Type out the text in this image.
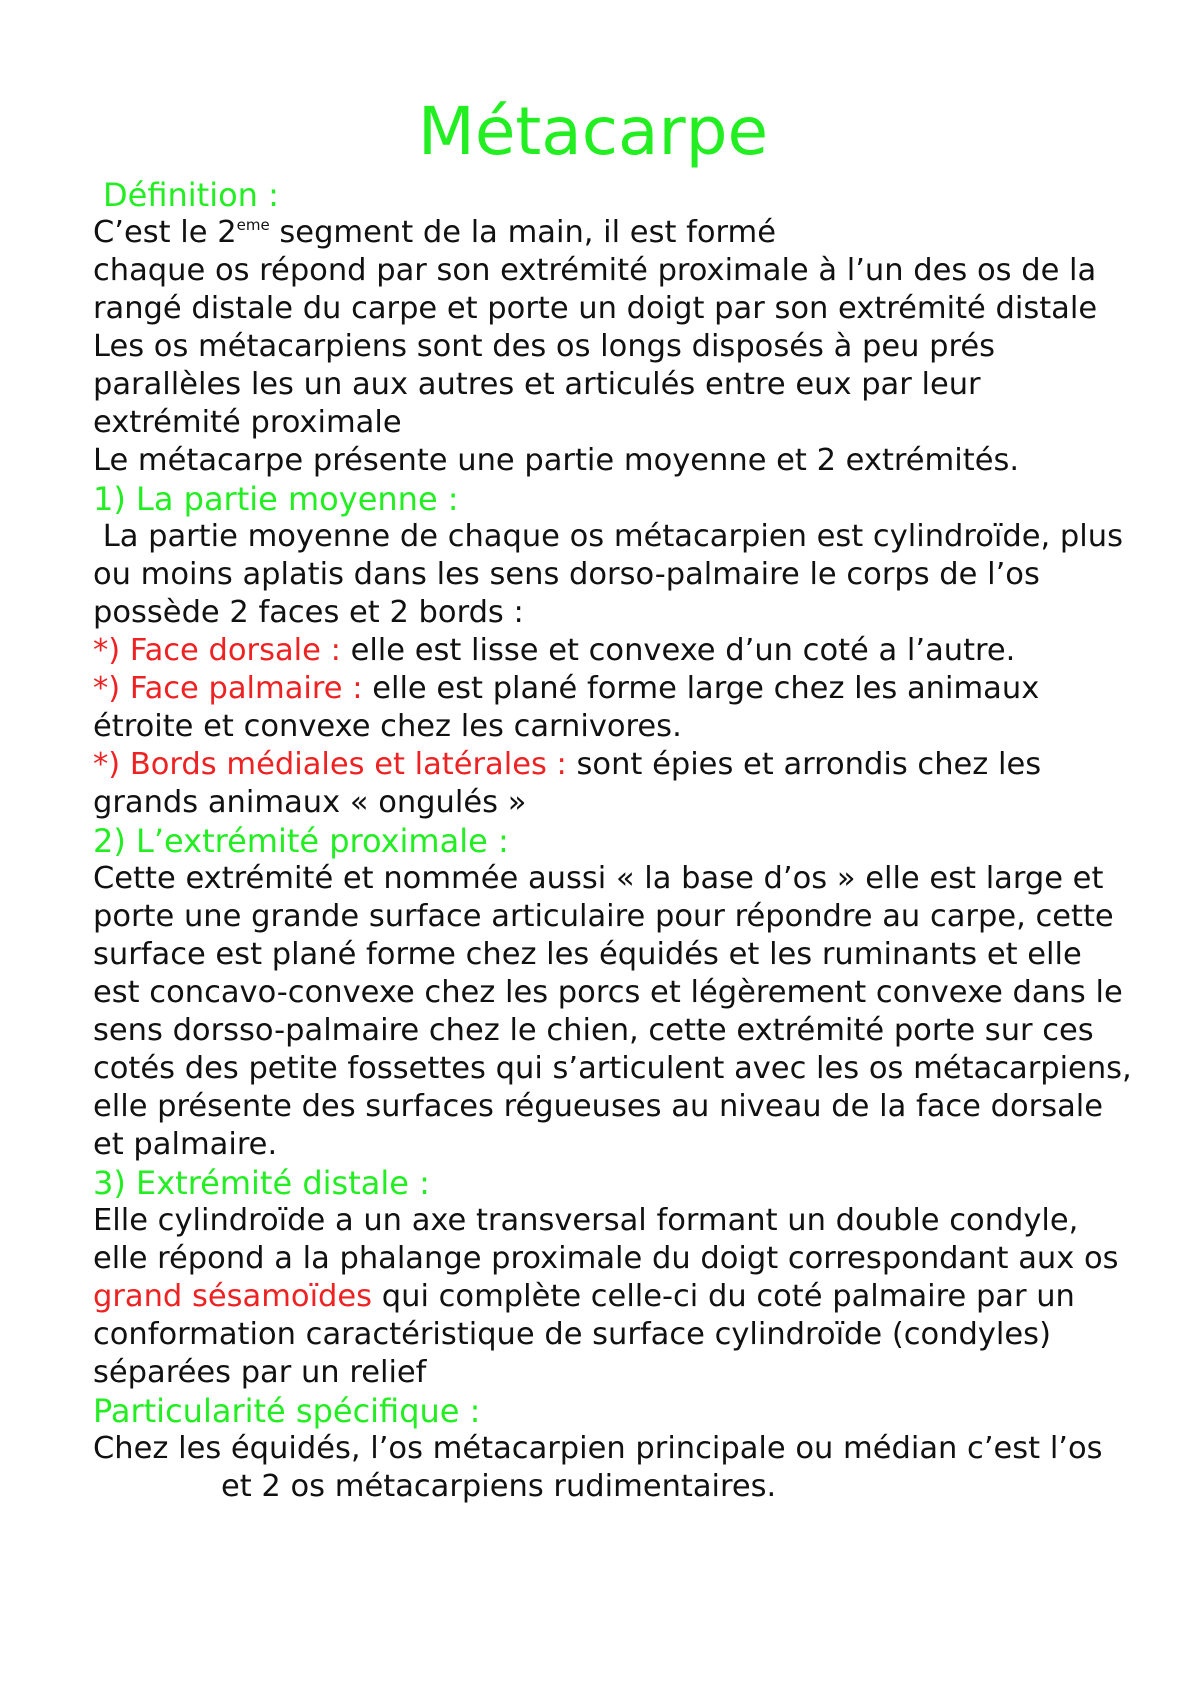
Métacarpe
Définition :

C’est le 2eme segment de la main, il est formé

chaque os répond par son extrémité proximale à l’un des os de la rangé distale du carpe et porte un doigt par son extrémité distale

Les os métacarpiens sont des os longs disposés à peu prés parallèles les un aux autres et articulés entre eux par leur extrémité proximale

Le métacarpe présente une partie moyenne et 2 extrémités.

1) La partie moyenne :

La partie moyenne de chaque os métacarpien est cylindroïde, plus ou moins aplatis dans les sens dorso-palmaire le corps de l’os possède 2 faces et 2 bords :

*) Face dorsale : elle est lisse et convexe d’un coté a l’autre.

*) Face palmaire : elle est plané forme large chez les animaux étroite et convexe chez les carnivores.

*) Bords médiales et latérales : sont épies et arrondis chez les grands animaux « ongulés »

2) L’extrémité proximale :

Cette extrémité et nommée aussi « la base d’os » elle est large et porte une grande surface articulaire pour répondre au carpe, cette surface est plané forme chez les équidés et les ruminants et elle est concavo-convexe chez les porcs et légèrement convexe dans le sens dorsso-palmaire chez le chien, cette extrémité porte sur ces cotés des petite fossettes qui s’articulent avec les os métacarpiens, elle présente des surfaces régueuses au niveau de la face dorsale et palmaire.

3) Extrémité distale :

Elle cylindroïde a un axe transversal formant un double condyle, elle répond a la phalange proximale du doigt correspondant aux os grand sésamoïdes qui complète celle-ci du coté palmaire par un conformation caractéristique de surface cylindroïde (condyles) séparées par un relief

Particularité spécifique :

Chez les équidés, l’os métacarpien principale ou médian c’est l’oset 2 os métacarpiens rudimentaires.
